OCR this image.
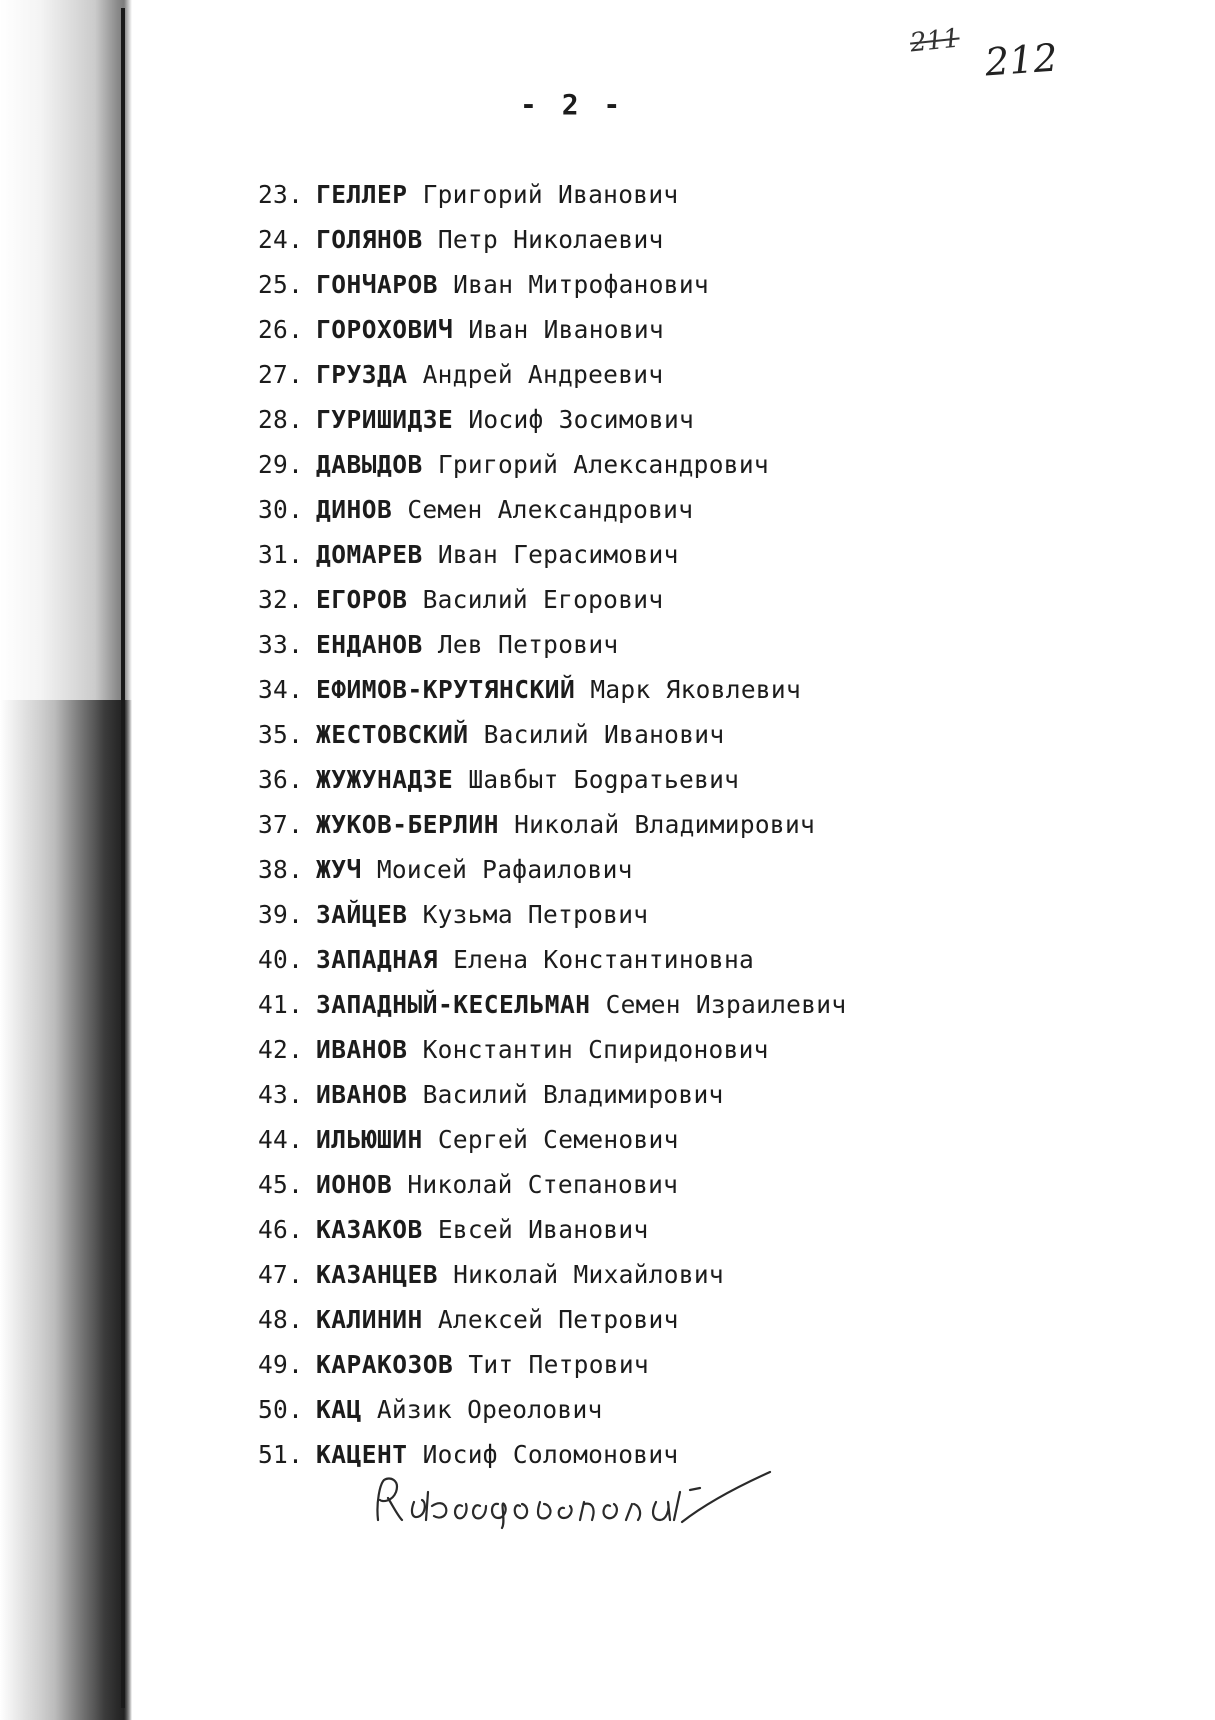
211 212
- 2 -
23. ГЕЛЛЕР Григорий Иванович
24. ГОЛЯНОВ Петр Николаевич
25. ГОНЧАРОВ Иван Митрофанович
26. ГОРОХОВИЧ Иван Иванович
27. ГРУЗДА Андрей Андреевич
28. ГУРИШИДЗЕ Иосиф Зосимович
29. ДАВЫДОВ Григорий Александрович
30. ДИНОВ Семен Александрович
31. ДОМАРЕВ Иван Герасимович
32. ЕГОРОВ Василий Егорович
33. ЕНДАНОВ Лев Петрович
34. ЕФИМОВ-КРУТЯНСКИЙ Марк Яковлевич
35. ЖЕСТОВСКИЙ Василий Иванович
36. ЖУЖУНАДЗЕ Шавбыт Бogратьевич
37. ЖУКОВ-БЕРЛИН Николай Владимирович
38. ЖУЧ Моисей Рафаилович
39. ЗАЙЦЕВ Кузьма Петрович
40. ЗАПАДНАЯ Елена Константиновна
41. ЗАПАДНЫЙ-КЕСЕЛЬМАН Семен Израилевич
42. ИВАНОВ Константин Спиридонович
43. ИВАНОВ Василий Владимирович
44. ИЛЬЮШИН Сергей Семенович
45. ИОНОВ Николай Степанович
46. КАЗАКОВ Евсей Иванович
47. КАЗАНЦЕВ Николай Михайлович
48. КАЛИНИН Алексей Петрович
49. КАРАКОЗОВ Тит Петрович
50. КАЦ Айзик Ореолович
51. КАЦЕНТ Иосиф Соломонович
